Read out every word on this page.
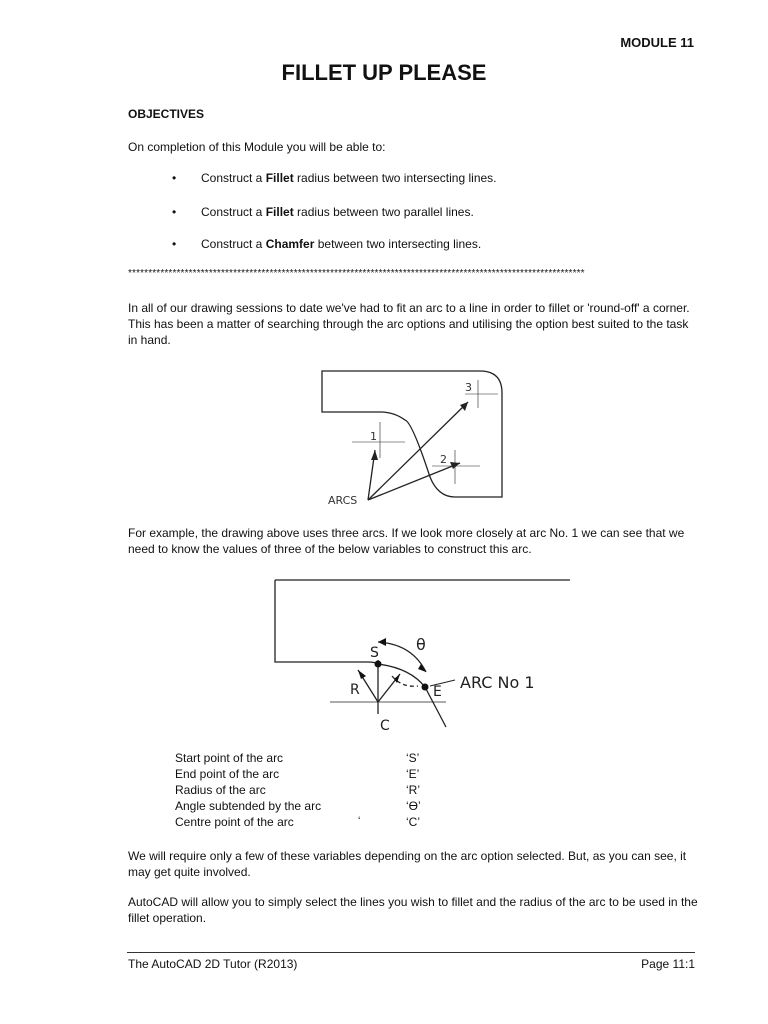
MODULE 11
FILLET UP PLEASE
OBJECTIVES
On completion of this Module you will be able to:
• Construct a Fillet radius between two intersecting lines.
• Construct a Fillet radius between two parallel lines.
• Construct a Chamfer between two intersecting lines.
*****************************************************************************************************************
In all of our drawing sessions to date we've had to fit an arc to a line in order to fillet or 'round-off' a corner. This has been a matter of searching through the arc options and utilising the option best suited to the task in hand.
1
2
3
ARCS
For example, the drawing above uses three arcs. If we look more closely at arc No. 1 we can see that we need to know the values of three of the below variables to construct this arc.
S θ
R	E
C
ARC No 1
Start point of the arc	‘S’
End point of the arc	‘E’
Radius of the arc	‘R’
Angle subtended by the arc	‘ϴ’
Centre point of the arc	‘	‘C’
We will require only a few of these variables depending on the arc option selected. But, as you can see, it may get quite involved.
AutoCAD will allow you to simply select the lines you wish to fillet and the radius of the arc to be used in the fillet operation.
The AutoCAD 2D Tutor (R2013)	Page 11:1
